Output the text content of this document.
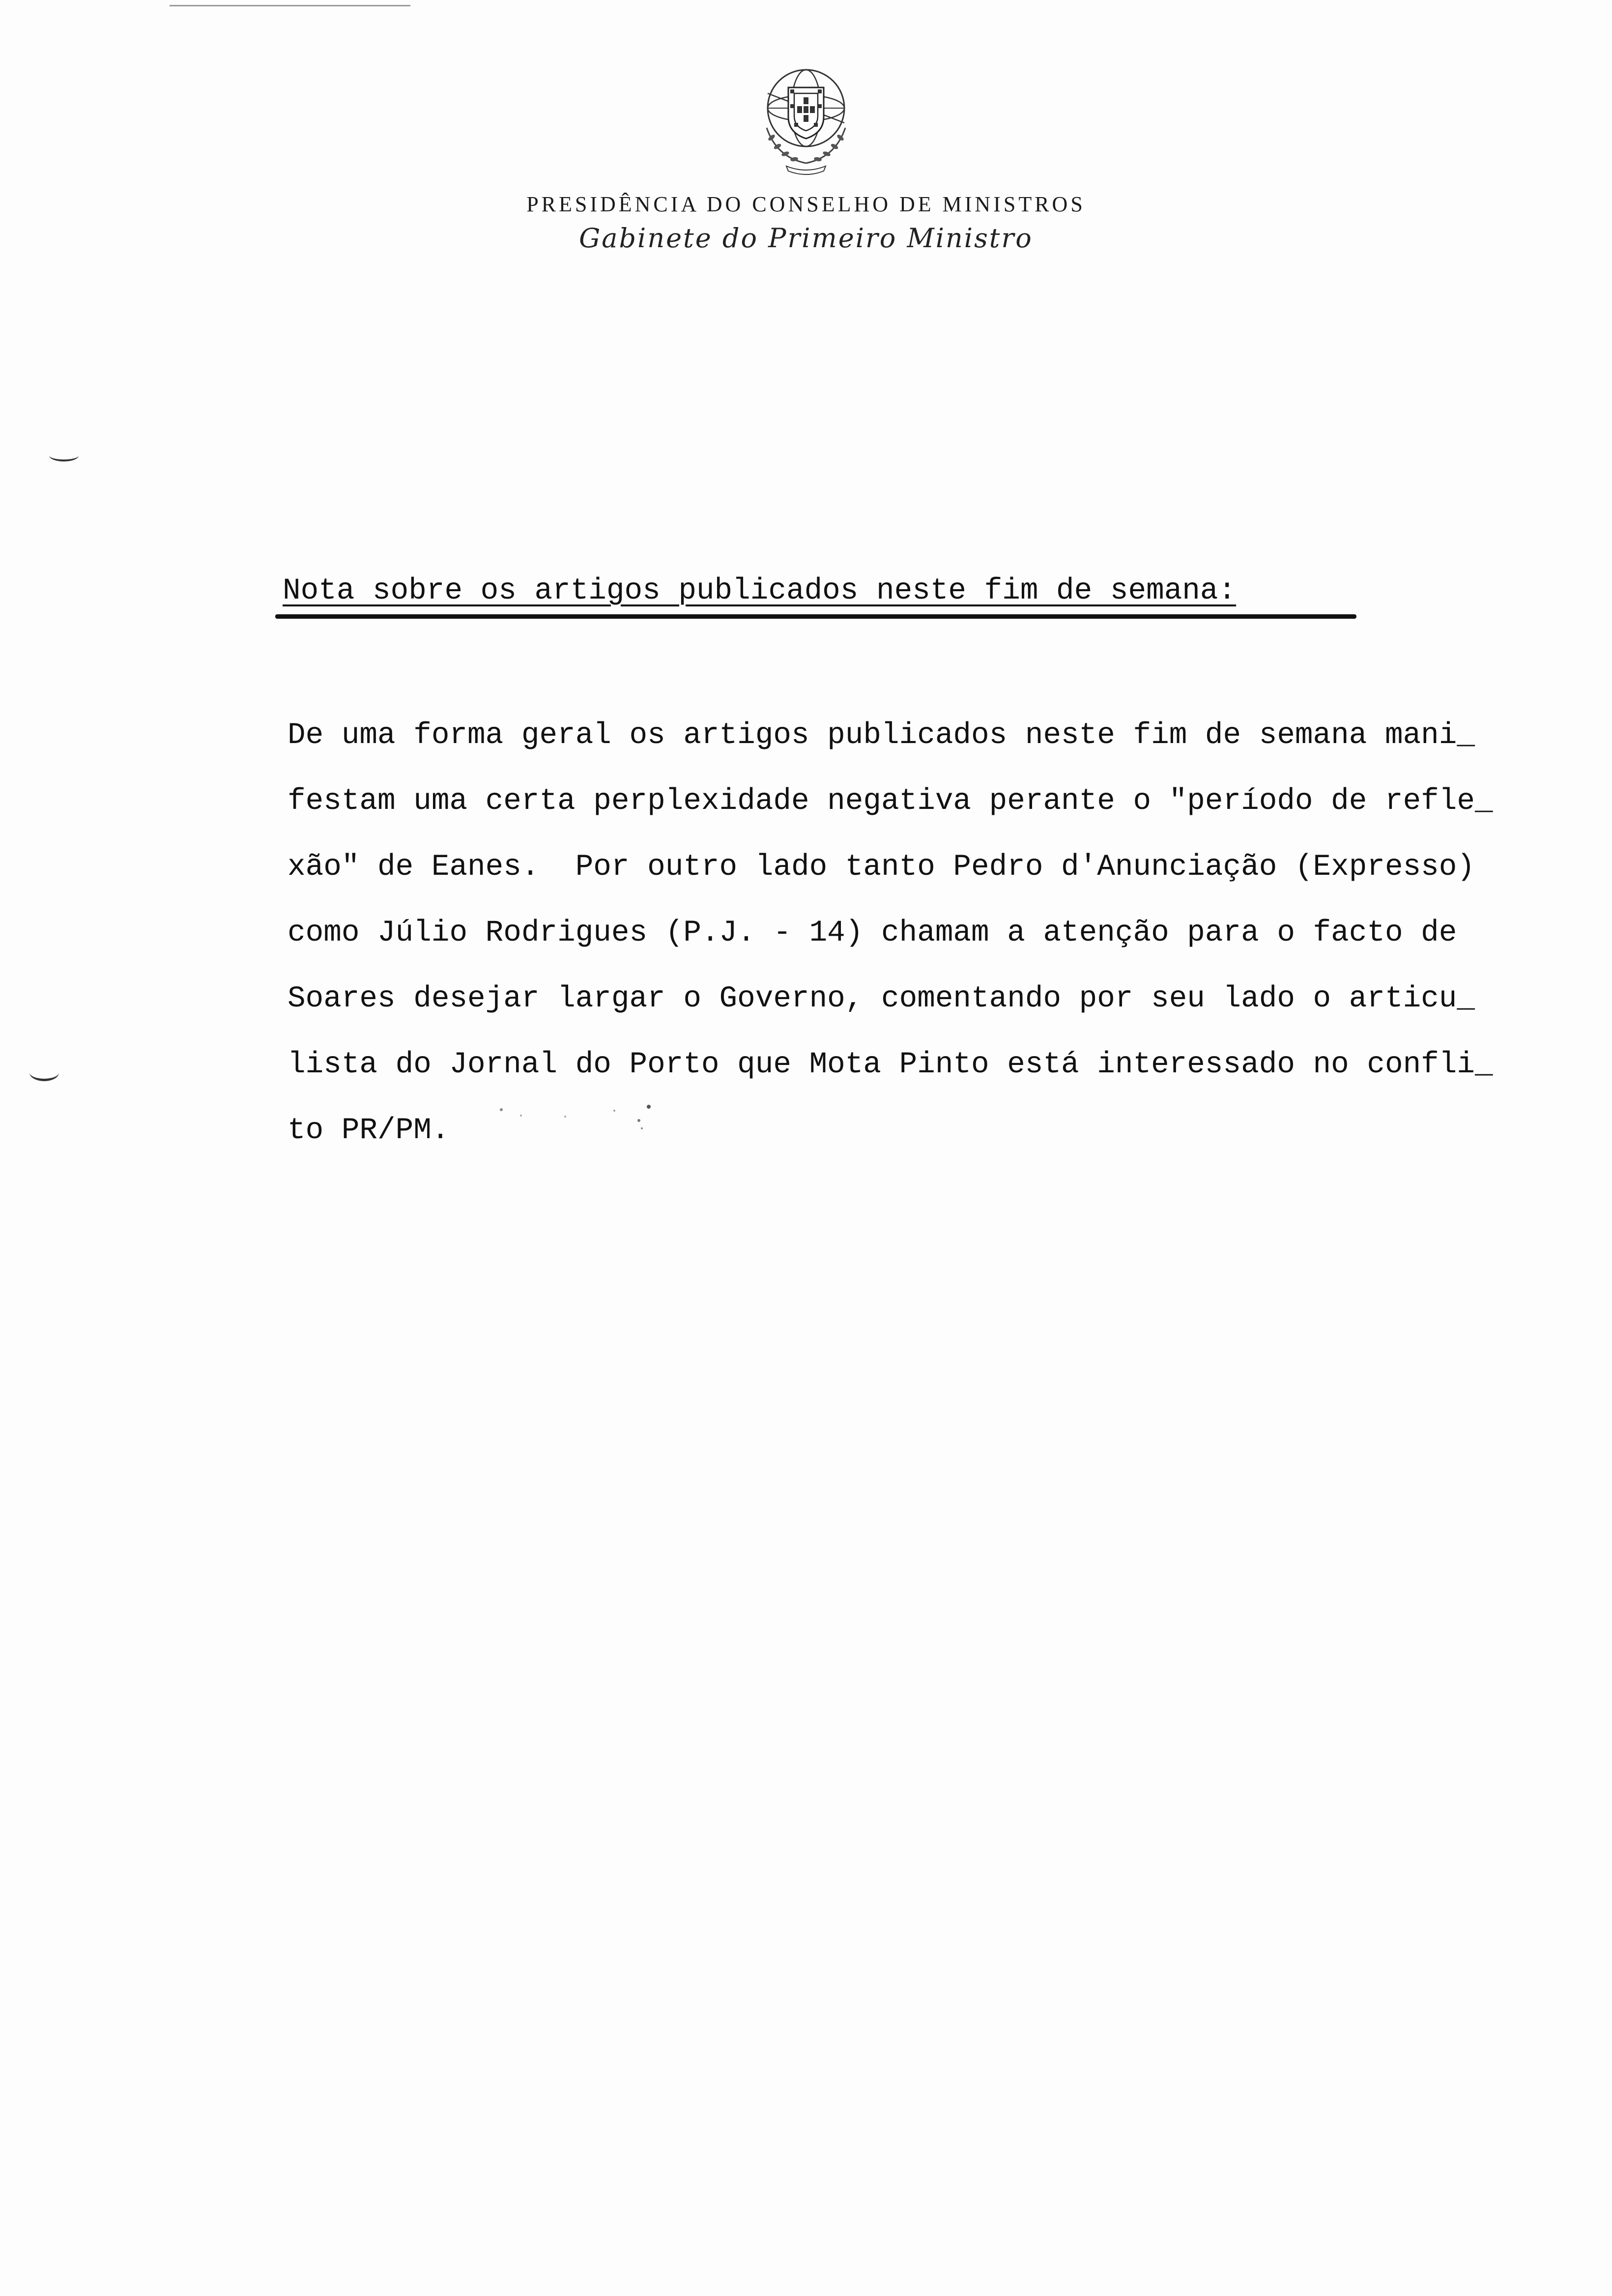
PRESIDÊNCIA DO CONSELHO DE MINISTROS
Gabinete do Primeiro Ministro
Nota sobre os artigos publicados neste fim de semana:
De uma forma geral os artigos publicados neste fim de semana mani_
festam uma certa perplexidade negativa perante o "período de refle_
xão" de Eanes.  Por outro lado tanto Pedro d'Anunciação (Expresso)
como Júlio Rodrigues (P.J. - 14) chamam a atenção para o facto de
Soares desejar largar o Governo, comentando por seu lado o articu_
lista do Jornal do Porto que Mota Pinto está interessado no confli_
to PR/PM.
